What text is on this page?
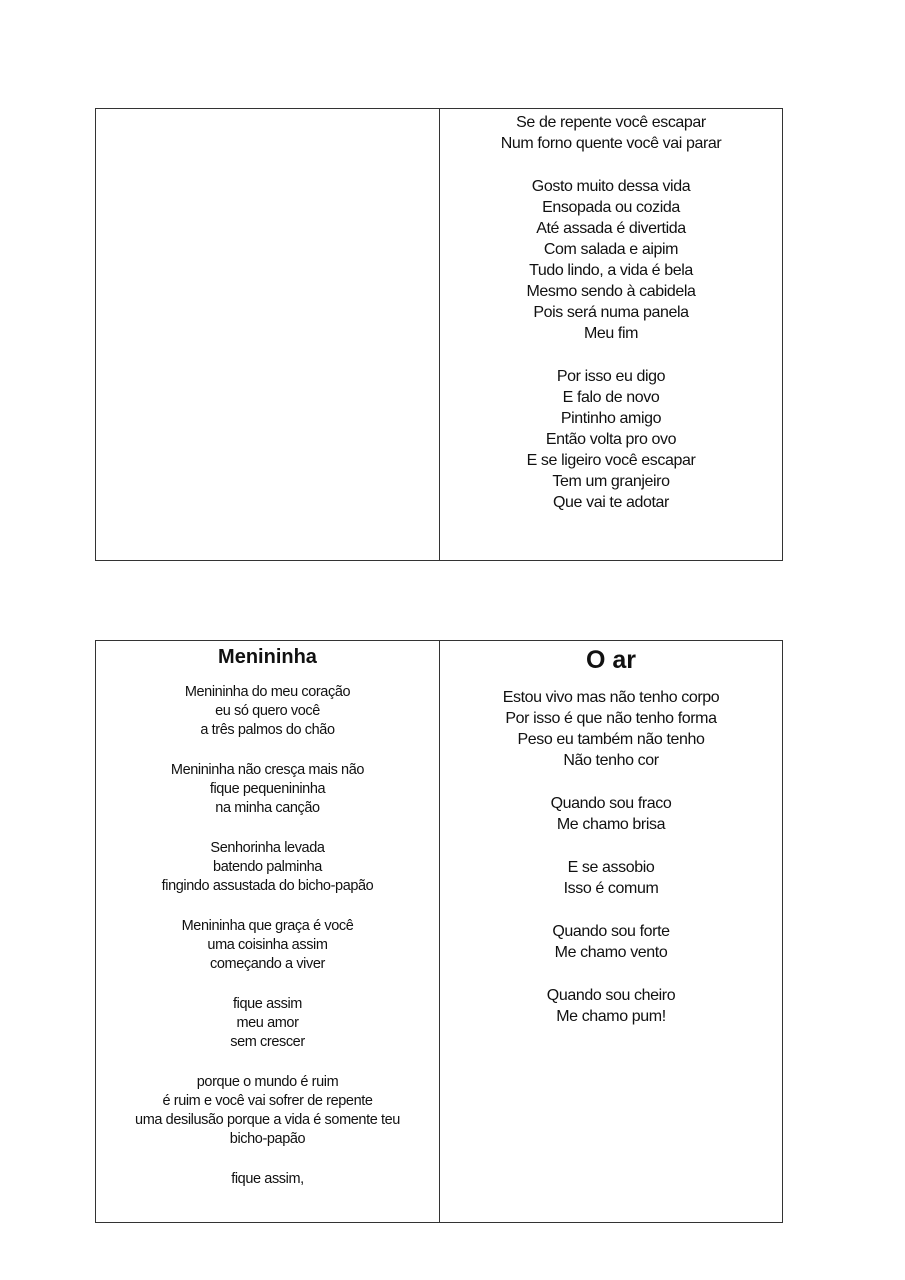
Se de repente você escapar
Num forno quente você vai parar
Gosto muito dessa vida
Ensopada ou cozida
Até assada é divertida
Com salada e aipim
Tudo lindo, a vida é bela
Mesmo sendo à cabidela
Pois será numa panela
Meu fim
Por isso eu digo
E falo de novo
Pintinho amigo
Então volta pro ovo
E se ligeiro você escapar
Tem um granjeiro
Que vai te adotar
Menininha
Menininha do meu coração
eu só quero você
a três palmos do chão
Menininha não cresça mais não
fique pequenininha
na minha canção
Senhorinha levada
batendo palminha
fingindo assustada do bicho-papão
Menininha que graça é você
uma coisinha assim
começando a viver
fique assim
meu amor
sem crescer
porque o mundo é ruim
é ruim e você vai sofrer de repente
uma desilusão porque a vida é somente teu
bicho-papão
fique assim,
O ar
Estou vivo mas não tenho corpo
Por isso é que não tenho forma
Peso eu também não tenho
Não tenho cor
Quando sou fraco
Me chamo brisa
E se assobio
Isso é comum
Quando sou forte
Me chamo vento
Quando sou cheiro
Me chamo pum!
